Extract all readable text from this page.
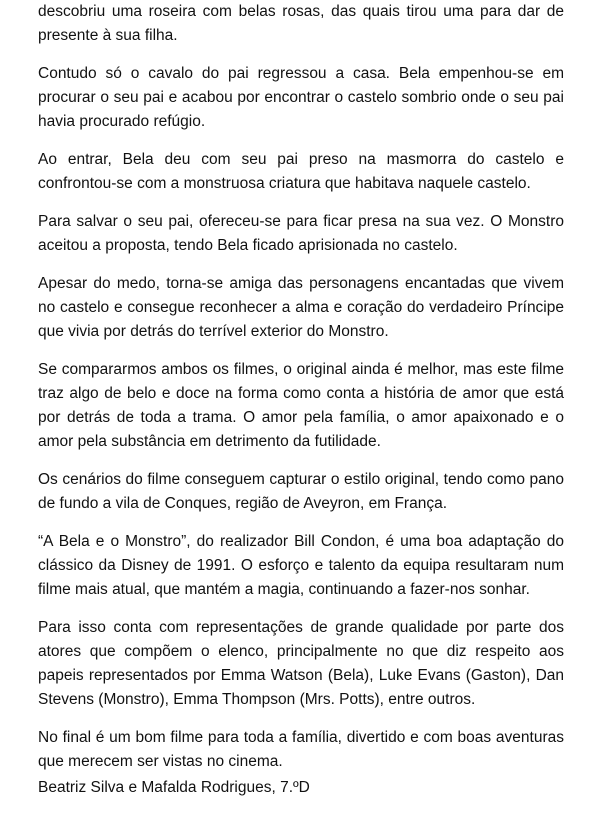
descobriu uma roseira com belas rosas, das quais tirou uma para dar de presente à sua filha.

Contudo só o cavalo do pai regressou a casa. Bela empenhou-se em procurar o seu pai e acabou por encontrar o castelo sombrio onde o seu pai havia procurado refúgio.

Ao entrar, Bela deu com seu pai preso na masmorra do castelo e confrontou-se com a monstruosa criatura que habitava naquele castelo.

Para salvar o seu pai, ofereceu-se para ficar presa na sua vez. O Monstro aceitou a proposta, tendo Bela ficado aprisionada no castelo.

Apesar do medo, torna-se amiga das personagens encantadas que vivem no castelo e consegue reconhecer a alma e coração do verdadeiro Príncipe que vivia por detrás do terrível exterior do Monstro.

Se compararmos ambos os filmes, o original ainda é melhor, mas este filme traz algo de belo e doce na forma como conta a história de amor que está por detrás de toda a trama. O amor pela família, o amor apaixonado e o amor pela substância em detrimento da futilidade.

Os cenários do filme conseguem capturar o estilo original, tendo como pano de fundo a vila de Conques, região de Aveyron, em França.

“A Bela e o Monstro”, do realizador Bill Condon, é uma boa adaptação do clássico da Disney de 1991. O esforço e talento da equipa resultaram num filme mais atual, que mantém a magia, continuando a fazer-nos sonhar.

Para isso conta com representações de grande qualidade por parte dos atores que compõem o elenco, principalmente no que diz respeito aos papeis representados por Emma Watson (Bela), Luke Evans (Gaston), Dan Stevens (Monstro), Emma Thompson (Mrs. Potts), entre outros.

No final é um bom filme para toda a família, divertido e com boas aventuras que merecem ser vistas no cinema.

Beatriz Silva e Mafalda Rodrigues, 7.ºD
